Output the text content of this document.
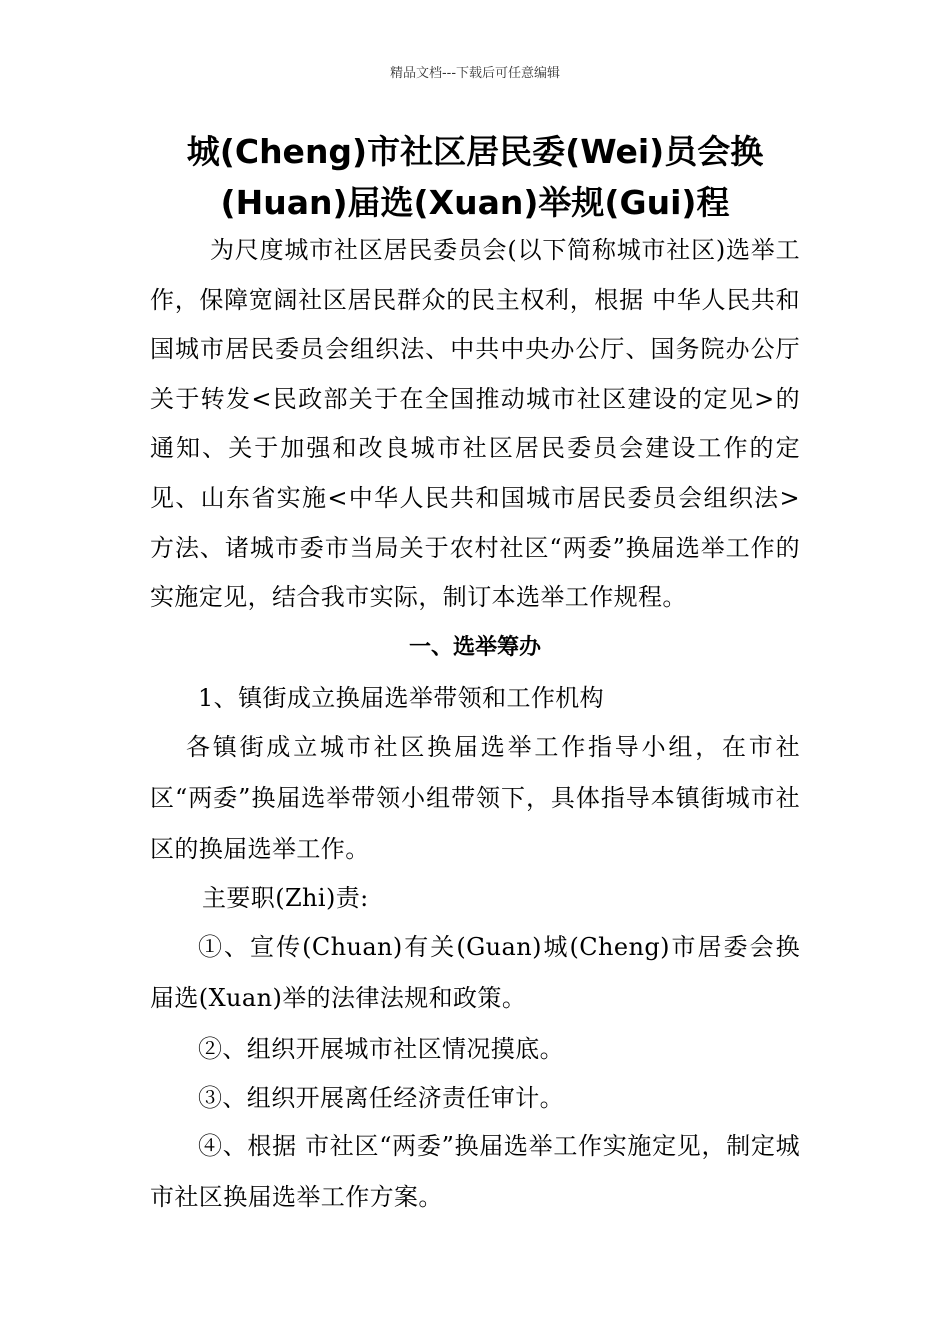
精品文档---下载后可任意编辑
城(Cheng)市社区居民委(Wei)员会换
(Huan)届选(Xuan)举规(Gui)程
为尺度城市社区居民委员会(以下简称城市社区)选举工作，保障宽阔社区居民群众的民主权利，根据 中华人民共和国城市居民委员会组织法、中共中央办公厅、国务院办公厅关于转发<民政部关于在全国推动城市社区建设的定见>的通知、关于加强和改良城市社区居民委员会建设工作的定见、山东省实施<中华人民共和国城市居民委员会组织法>方法、诸城市委市当局关于农村社区“两委”换届选举工作的实施定见，结合我市实际，制订本选举工作规程。
一、选举筹办
1、镇街成立换届选举带领和工作机构
各镇街成立城市社区换届选举工作指导小组，在市社区“两委”换届选举带领小组带领下，具体指导本镇街城市社区的换届选举工作。
主要职(Zhi)责:
①、宣传(Chuan)有关(Guan)城(Cheng)市居委会换届选(Xuan)举的法律法规和政策。
②、组织开展城市社区情况摸底。
③、组织开展离任经济责任审计。
④、根据 市社区“两委”换届选举工作实施定见，制定城市社区换届选举工作方案。
